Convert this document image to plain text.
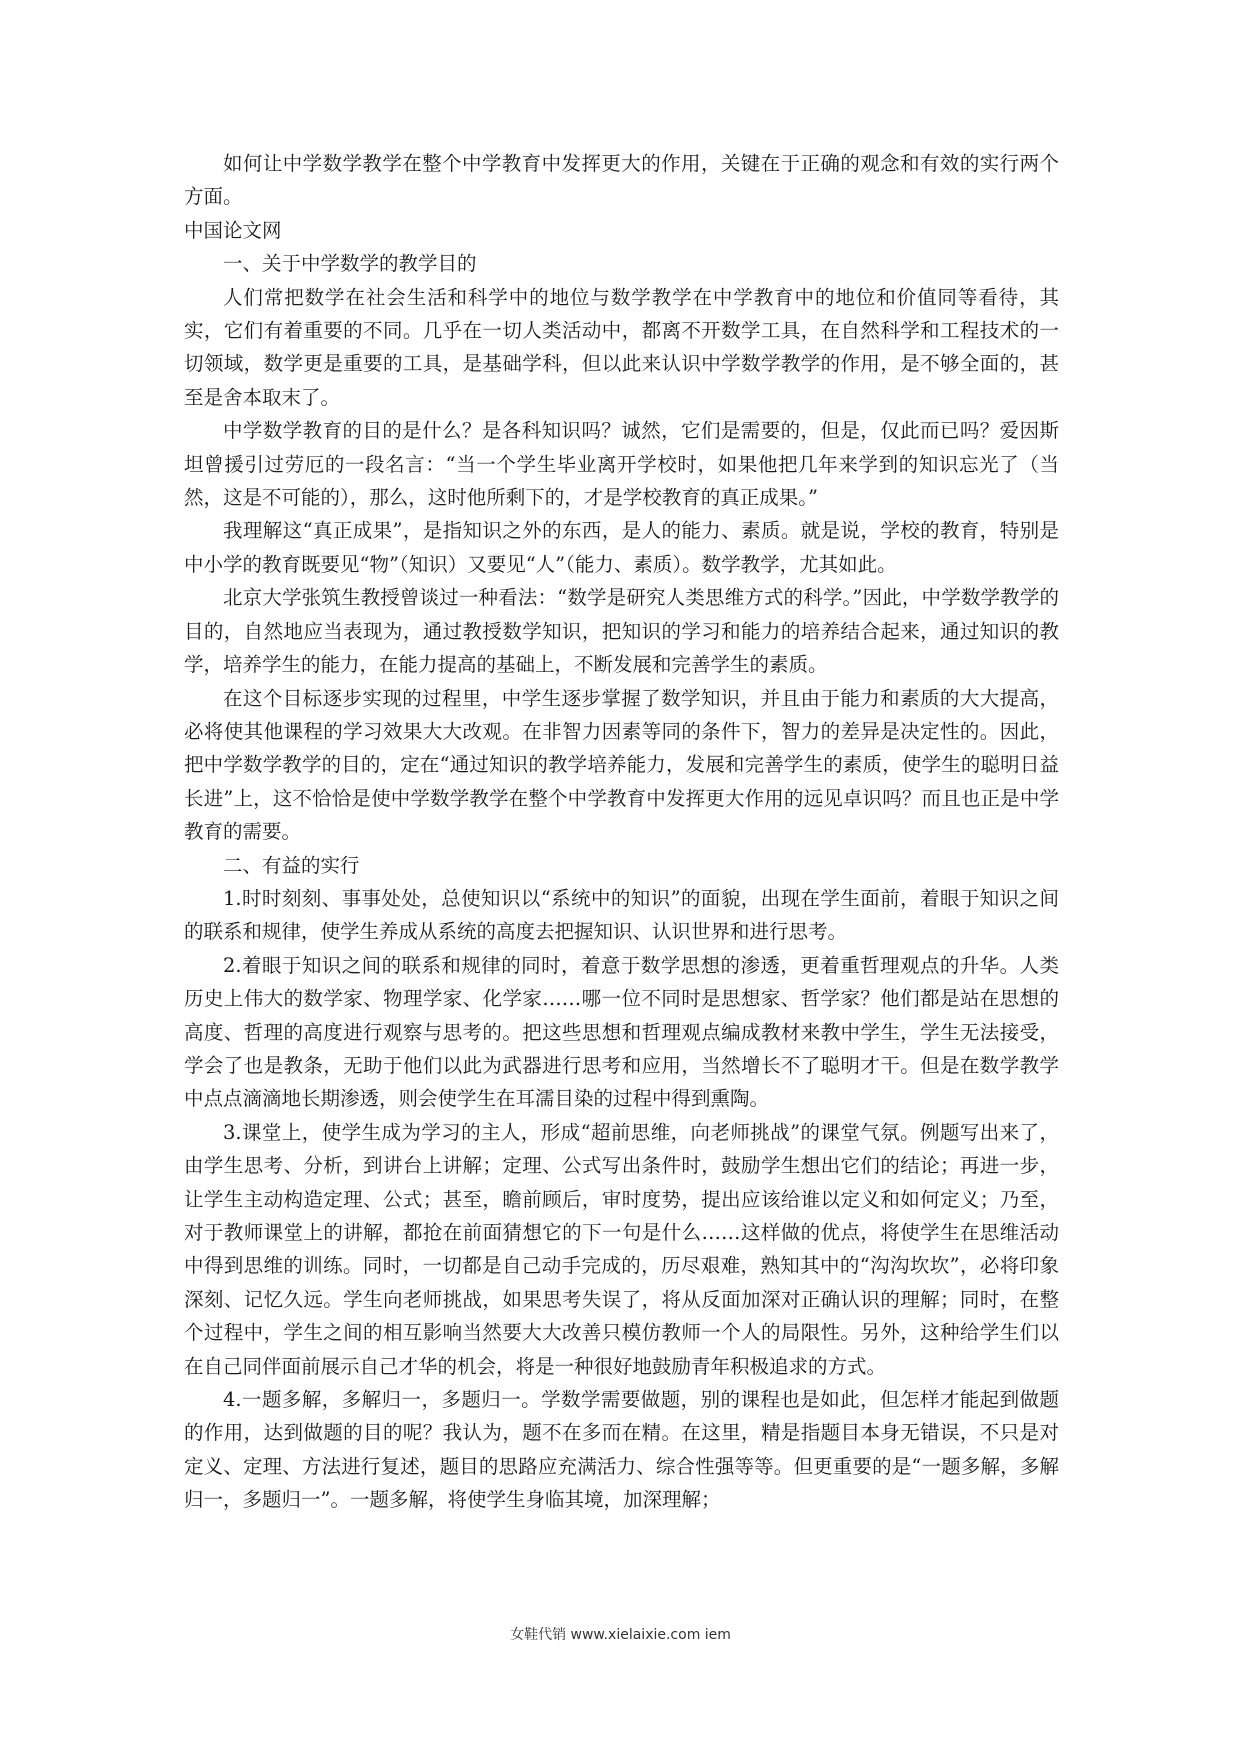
如何让中学数学教学在整个中学教育中发挥更大的作用，关键在于正确的观念和有效的实行两个方面。

中国论文网

一、关于中学数学的教学目的

人们常把数学在社会生活和科学中的地位与数学教学在中学教育中的地位和价值同等看待，其实，它们有着重要的不同。几乎在一切人类活动中，都离不开数学工具，在自然科学和工程技术的一切领域，数学更是重要的工具，是基础学科，但以此来认识中学数学教学的作用，是不够全面的，甚至是舍本取末了。

中学数学教育的目的是什么？是各科知识吗？诚然，它们是需要的，但是，仅此而已吗？爱因斯坦曾援引过劳厄的一段名言：“当一个学生毕业离开学校时，如果他把几年来学到的知识忘光了（当然，这是不可能的），那么，这时他所剩下的，才是学校教育的真正成果。”

我理解这“真正成果”，是指知识之外的东西，是人的能力、素质。就是说，学校的教育，特别是中小学的教育既要见“物”（知识）又要见“人”（能力、素质）。数学教学，尤其如此。

北京大学张筑生教授曾谈过一种看法：“数学是研究人类思维方式的科学。”因此，中学数学教学的目的，自然地应当表现为，通过教授数学知识，把知识的学习和能力的培养结合起来，通过知识的教学，培养学生的能力，在能力提高的基础上，不断发展和完善学生的素质。

在这个目标逐步实现的过程里，中学生逐步掌握了数学知识，并且由于能力和素质的大大提高，必将使其他课程的学习效果大大改观。在非智力因素等同的条件下，智力的差异是决定性的。因此，把中学数学教学的目的，定在“通过知识的教学培养能力，发展和完善学生的素质，使学生的聪明日益长进”上，这不恰恰是使中学数学教学在整个中学教育中发挥更大作用的远见卓识吗？而且也正是中学教育的需要。

二、有益的实行

1.时时刻刻、事事处处，总使知识以“系统中的知识”的面貌，出现在学生面前，着眼于知识之间的联系和规律，使学生养成从系统的高度去把握知识、认识世界和进行思考。

2.着眼于知识之间的联系和规律的同时，着意于数学思想的渗透，更着重哲理观点的升华。人类历史上伟大的数学家、物理学家、化学家……哪一位不同时是思想家、哲学家？他们都是站在思想的高度、哲理的高度进行观察与思考的。把这些思想和哲理观点编成教材来教中学生，学生无法接受，学会了也是教条，无助于他们以此为武器进行思考和应用，当然增长不了聪明才干。但是在数学教学中点点滴滴地长期渗透，则会使学生在耳濡目染的过程中得到熏陶。

3.课堂上，使学生成为学习的主人，形成“超前思维，向老师挑战”的课堂气氛。例题写出来了，由学生思考、分析，到讲台上讲解；定理、公式写出条件时，鼓励学生想出它们的结论；再进一步，让学生主动构造定理、公式；甚至，瞻前顾后，审时度势，提出应该给谁以定义和如何定义；乃至，对于教师课堂上的讲解，都抢在前面猜想它的下一句是什么……这样做的优点，将使学生在思维活动中得到思维的训练。同时，一切都是自己动手完成的，历尽艰难，熟知其中的“沟沟坎坎”，必将印象深刻、记忆久远。学生向老师挑战，如果思考失误了，将从反面加深对正确认识的理解；同时，在整个过程中，学生之间的相互影响当然要大大改善只模仿教师一个人的局限性。另外，这种给学生们以在自己同伴面前展示自己才华的机会，将是一种很好地鼓励青年积极追求的方式。

4.一题多解，多解归一，多题归一。学数学需要做题，别的课程也是如此，但怎样才能起到做题的作用，达到做题的目的呢？我认为，题不在多而在精。在这里，精是指题目本身无错误，不只是对定义、定理、方法进行复述，题目的思路应充满活力、综合性强等等。但更重要的是“一题多解，多解归一，多题归一”。一题多解，将使学生身临其境，加深理解；

女鞋代销 www.xielaixie.com iem
